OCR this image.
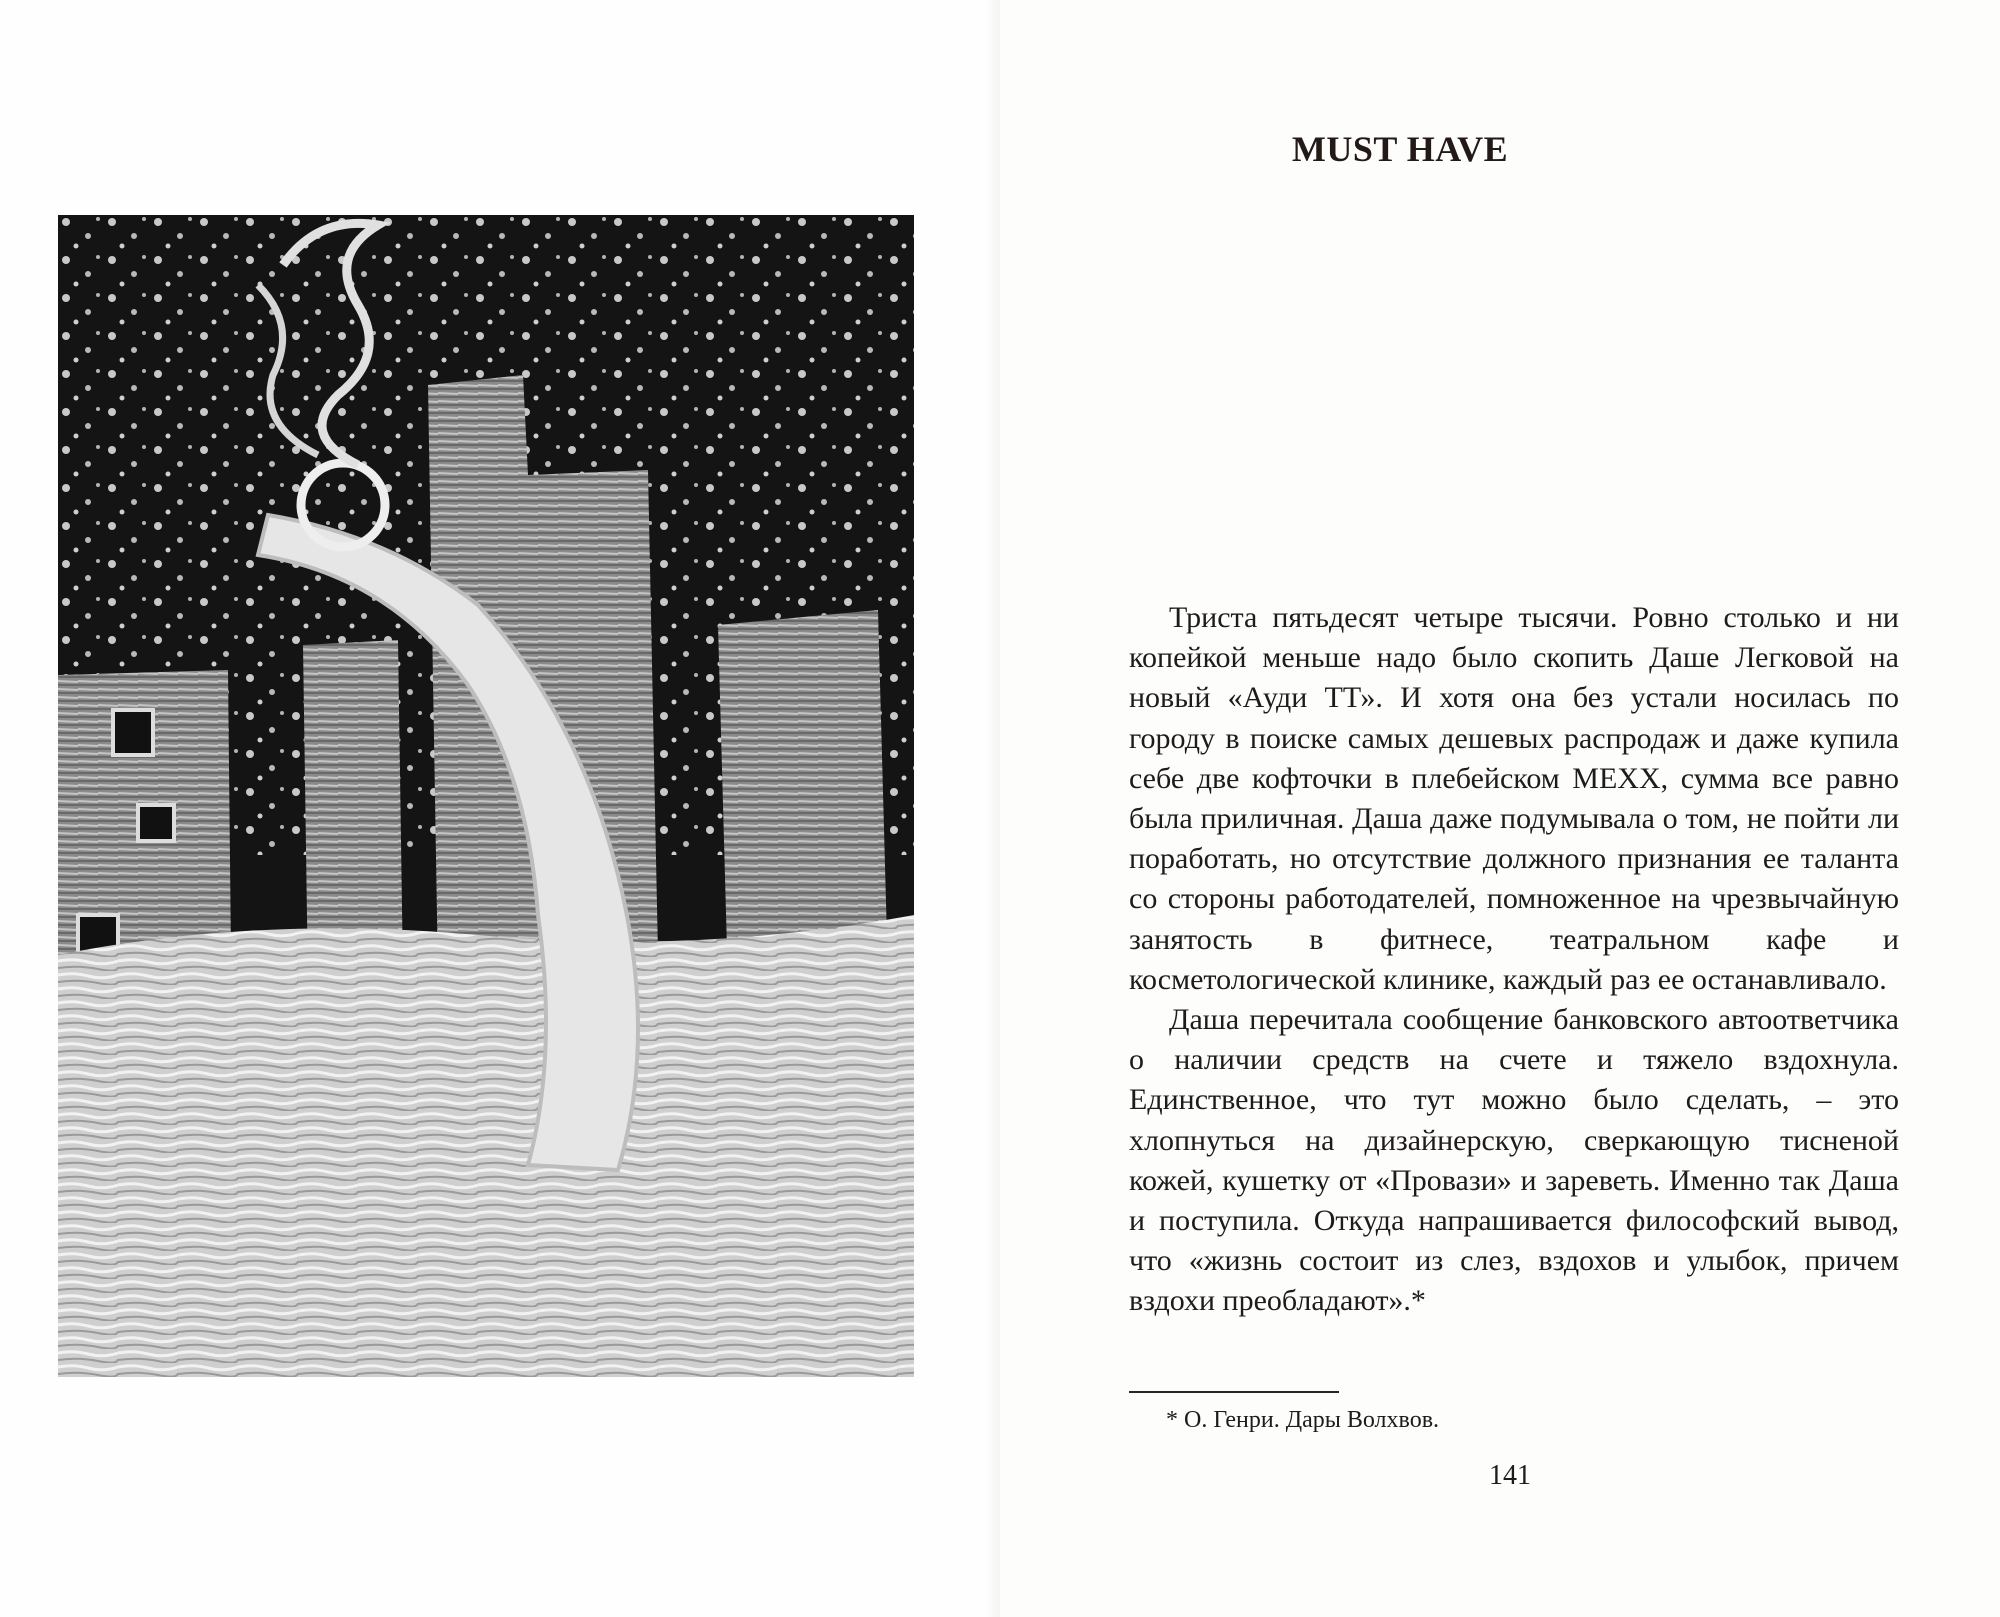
MUST HAVE

Триста пятьдесят четыре тысячи. Ровно столько и ни копейкой меньше надо было скопить Даше Легковой на новый «Ауди ТТ». И хотя она без устали носилась по городу в поиске самых дешевых распродаж и даже купила себе две кофточки в плебейском MEXX, сумма все равно была приличная. Даша даже подумывала о том, не пойти ли поработать, но отсутствие должного признания ее таланта со стороны работодателей, помноженное на чрезвычайную занятость в фитнесе, театральном кафе и косметологической клинике, каждый раз ее останавливало.

Даша перечитала сообщение банковского автоответчика о наличии средств на счете и тяжело вздохнула. Единственное, что тут можно было сделать, – это хлопнуться на дизайнерскую, сверкающую тисненой кожей, кушетку от «Провази» и зареветь. Именно так Даша и поступила. Откуда напрашивается философский вывод, что «жизнь состоит из слез, вздохов и улыбок, причем вздохи преобладают».*

* О. Генри. Дары Волхвов.
141
